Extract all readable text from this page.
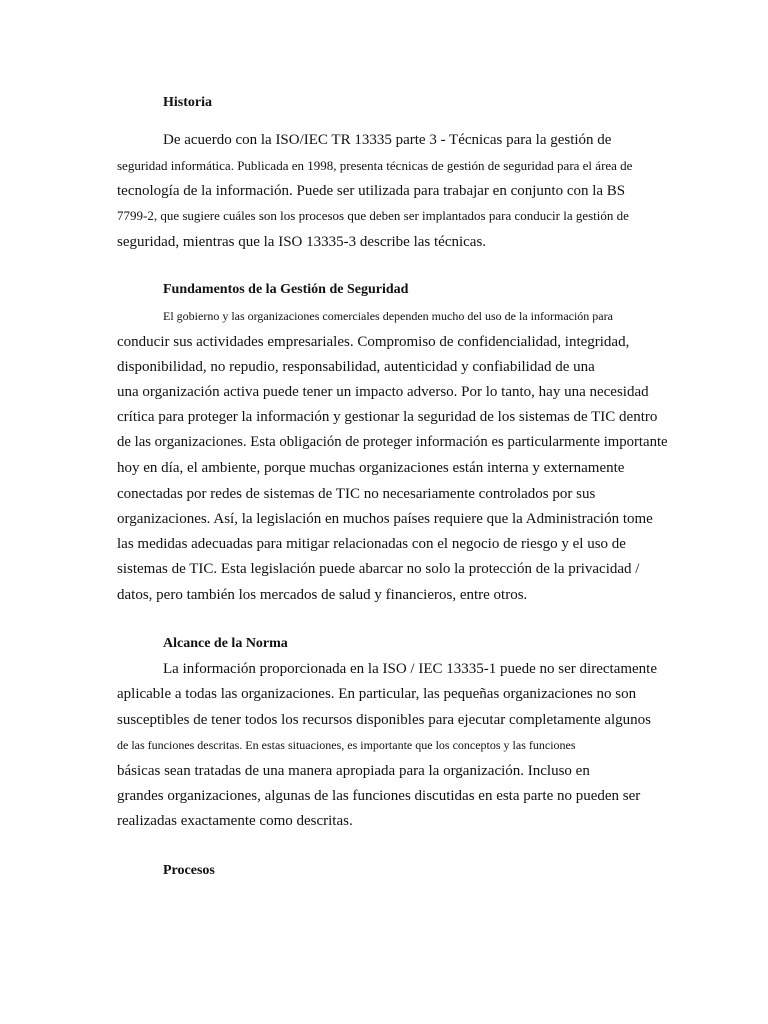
Historia
De acuerdo con la ISO/IEC TR 13335 parte 3 - Técnicas para la gestión de
seguridad informática. Publicada en 1998, presenta técnicas de gestión de seguridad para el área de
tecnología de la información. Puede ser utilizada para trabajar en conjunto con la BS
7799-2, que sugiere cuáles son los procesos que deben ser implantados para conducir la gestión de
seguridad, mientras que la ISO 13335-3 describe las técnicas.
Fundamentos de la Gestión de Seguridad
El gobierno y las organizaciones comerciales dependen mucho del uso de la información para
conducir sus actividades empresariales. Compromiso de confidencialidad, integridad,
disponibilidad, no repudio, responsabilidad, autenticidad y confiabilidad de una
una organización activa puede tener un impacto adverso. Por lo tanto, hay una necesidad
crítica para proteger la información y gestionar la seguridad de los sistemas de TIC dentro
de las organizaciones. Esta obligación de proteger información es particularmente importante
hoy en día, el ambiente, porque muchas organizaciones están interna y externamente
conectadas por redes de sistemas de TIC no necesariamente controlados por sus
organizaciones. Así, la legislación en muchos países requiere que la Administración tome
las medidas adecuadas para mitigar relacionadas con el negocio de riesgo y el uso de
sistemas de TIC. Esta legislación puede abarcar no solo la protección de la privacidad /
datos, pero también los mercados de salud y financieros, entre otros.
Alcance de la Norma
La información proporcionada en la ISO / IEC 13335-1 puede no ser directamente
aplicable a todas las organizaciones. En particular, las pequeñas organizaciones no son
susceptibles de tener todos los recursos disponibles para ejecutar completamente algunos
de las funciones descritas. En estas situaciones, es importante que los conceptos y las funciones
básicas sean tratadas de una manera apropiada para la organización. Incluso en
grandes organizaciones, algunas de las funciones discutidas en esta parte no pueden ser
realizadas exactamente como descritas.
Procesos
